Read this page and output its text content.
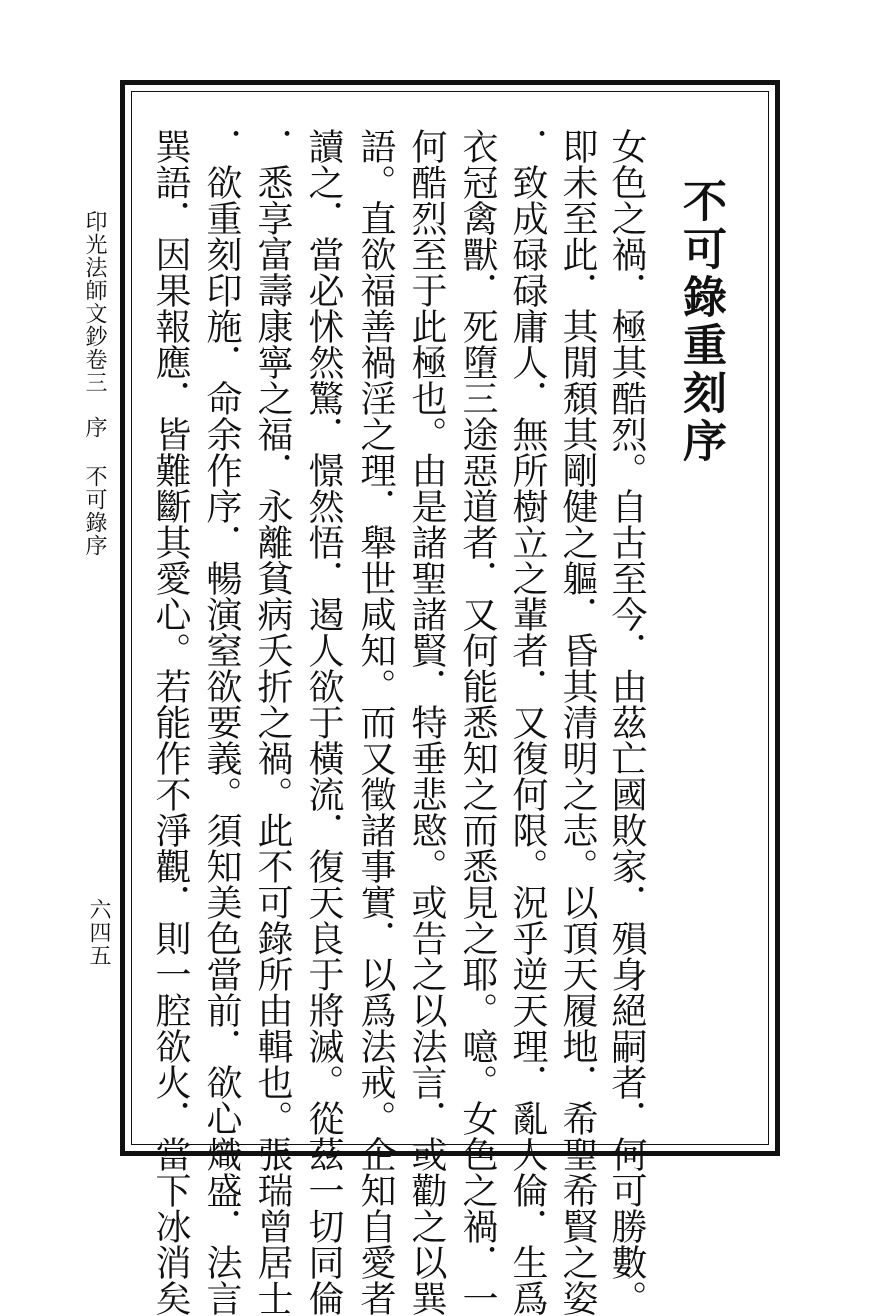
不可錄重刻序
女色之禍．極其酷烈。自古至今．由茲亡國敗家．殞身絕嗣者．何可勝數。
即未至此．其閒頹其剛健之軀．昏其清明之志。以頂天履地．希聖希賢之姿
．致成碌碌庸人．無所樹立之輩者．又復何限。況乎逆天理．亂人倫．生爲
衣冠禽獸．死墮三途惡道者．又何能悉知之而悉見之耶。噫。女色之禍．一
何酷烈至于此極也。由是諸聖諸賢．特垂悲愍。或告之以法言．或勸之以巽
語。直欲福善禍淫之理．舉世咸知。而又徵諸事實．以爲法戒。企知自愛者
讀之．當必怵然驚．憬然悟．遏人欲于橫流．復天良于將滅。從茲一切同倫
．悉享富壽康寧之福．永離貧病夭折之禍。此不可錄所由輯也。張瑞曾居士
．欲重刻印施．命余作序．暢演窒欲要義。須知美色當前．欲心熾盛．法言
巽語．因果報應．皆難斷其愛心。若能作不淨觀．則一腔欲火．當下冰消矣
印光法師文鈔卷三序不可錄序
六四五
